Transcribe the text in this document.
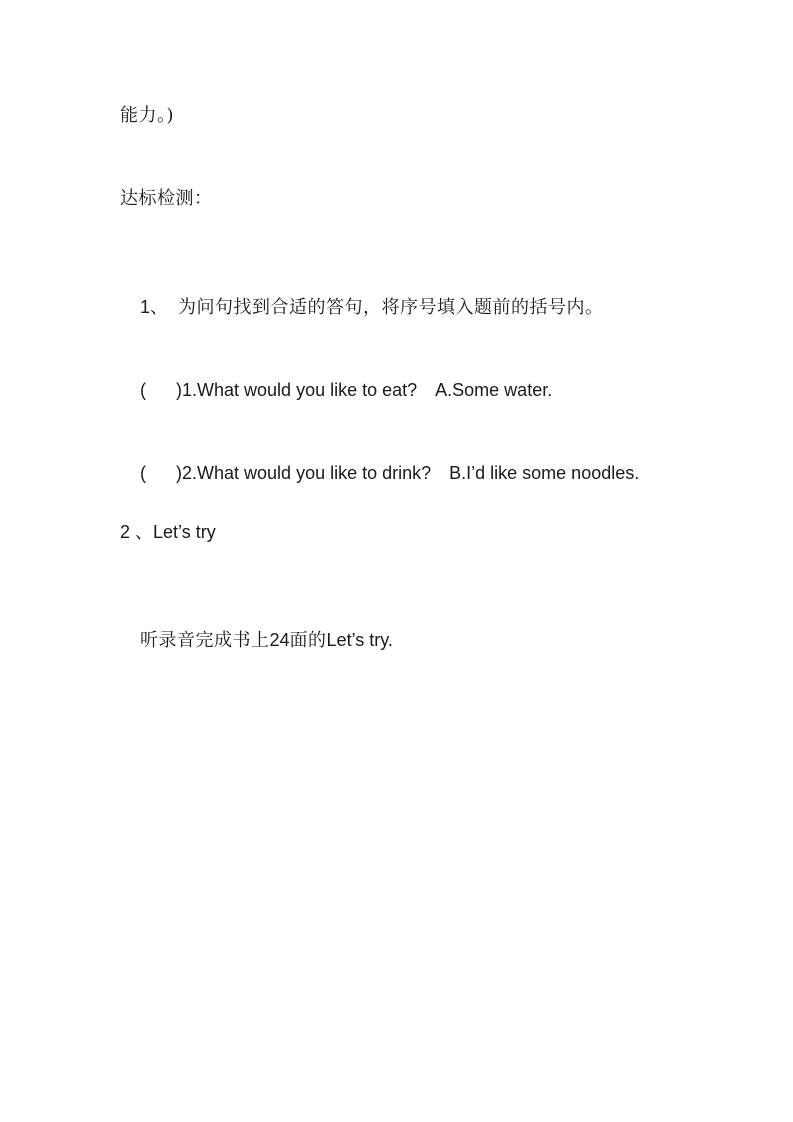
能力。)
达标检测：

1、 为问句找到合适的答句，将序号填入题前的括号内。

( )1.What would you like to eat? A.Some water.

( )2.What would you like to drink? B.I’d like some noodles.

2 、Let’s try

听录音完成书上24面的Let’s try.
